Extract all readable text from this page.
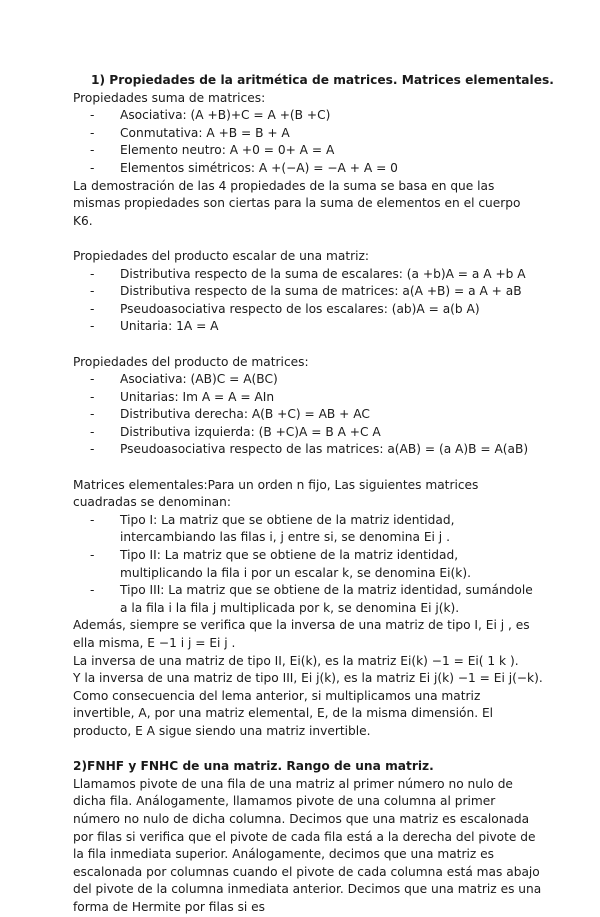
1) Propiedades de la aritmética de matrices. Matrices elementales.
Propiedades suma de matrices:
- Asociativa: (A +B)+C = A +(B +C)
- Conmutativa: A +B = B + A
- Elemento neutro: A +0 = 0+ A = A
- Elementos simétricos: A +(−A) = −A + A = 0
La demostración de las 4 propiedades de la suma se basa en que las mismas propiedades son ciertas para la suma de elementos en el cuerpo K6.
Propiedades del producto escalar de una matriz:
- Distributiva respecto de la suma de escalares: (a +b)A = a A +b A
- Distributiva respecto de la suma de matrices: a(A +B) = a A + aB
- Pseudoasociativa respecto de los escalares: (ab)A = a(b A)
- Unitaria: 1A = A
Propiedades del producto de matrices:
- Asociativa: (AB)C = A(BC)
- Unitarias: Im A = A = AIn
- Distributiva derecha: A(B +C) = AB + AC
- Distributiva izquierda: (B +C)A = B A +C A
- Pseudoasociativa respecto de las matrices: a(AB) = (a A)B = A(aB)
Matrices elementales:Para un orden n fijo, Las siguientes matrices cuadradas se denominan:
- Tipo I: La matriz que se obtiene de la matriz identidad, intercambiando las filas i, j entre si, se denomina Ei j .
- Tipo II: La matriz que se obtiene de la matriz identidad, multiplicando la fila i por un escalar k, se denomina Ei(k).
- Tipo III: La matriz que se obtiene de la matriz identidad, sumándole a la fila i la fila j multiplicada por k, se denomina Ei j(k).
Además, siempre se verifica que la inversa de una matriz de tipo I, Ei j , es ella misma, E −1 i j = Ei j .
La inversa de una matriz de tipo II, Ei(k), es la matriz Ei(k) −1 = Ei( 1 k ).
Y la inversa de una matriz de tipo III, Ei j(k), es la matriz Ei j(k) −1 = Ei j(−k).
Como consecuencia del lema anterior, si multiplicamos una matriz invertible, A, por una matriz elemental, E, de la misma dimensión. El producto, E A sigue siendo una matriz invertible.
2)FNHF y FNHC de una matriz. Rango de una matriz.
Llamamos pivote de una fila de una matriz al primer número no nulo de dicha fila. Análogamente, llamamos pivote de una columna al primer número no nulo de dicha columna. Decimos que una matriz es escalonada por filas si verifica que el pivote de cada fila está a la derecha del pivote de la fila inmediata superior. Análogamente, decimos que una matriz es escalonada por columnas cuando el pivote de cada columna está mas abajo del pivote de la columna inmediata anterior. Decimos que una matriz es una forma de Hermite por filas si es
